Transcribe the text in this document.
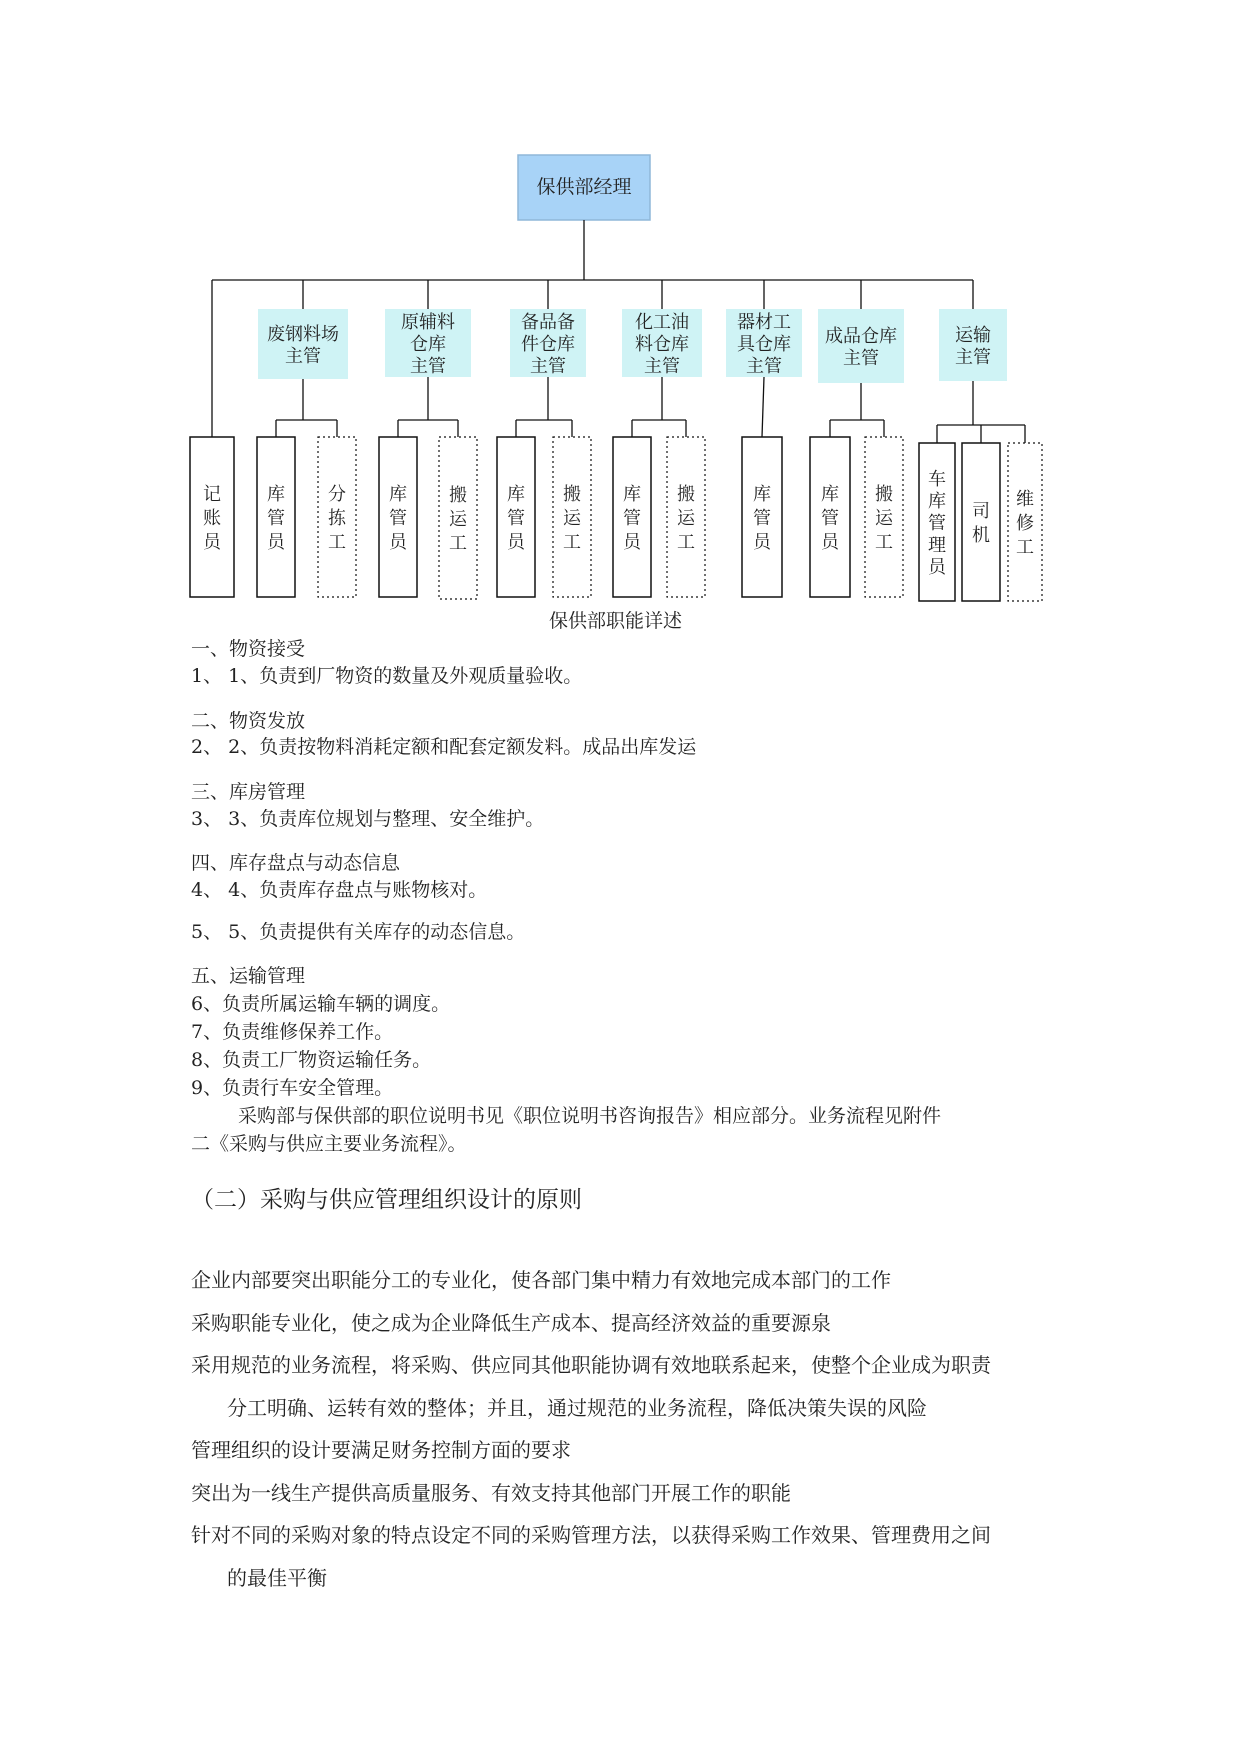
保供部经理
废钢料场
主管
原辅料
仓库
主管
备品备
件仓库
主管
化工油
料仓库
主管
器材工
具仓库
主管
成品仓库
主管
运输
主管
记
账
员
库
管
员
分
拣
工
库
管
员
搬
运
工
库
管
员
搬
运
工
库
管
员
搬
运
工
库
管
员
库
管
员
搬
运
工
车
库
管
理
员
司
机
维
修
工
保供部职能详述
一、物资接受
1、 1、负责到厂物资的数量及外观质量验收。
二、物资发放
2、 2、负责按物料消耗定额和配套定额发料。成品出库发运
三、库房管理
3、 3、负责库位规划与整理、安全维护。
四、库存盘点与动态信息
4、 4、负责库存盘点与账物核对。
5、 5、负责提供有关库存的动态信息。
五、运输管理
6、负责所属运输车辆的调度。
7、负责维修保养工作。
8、负责工厂物资运输任务。
9、负责行车安全管理。
采购部与保供部的职位说明书见《职位说明书咨询报告》相应部分。业务流程见附件
二《采购与供应主要业务流程》。
（二）采购与供应管理组织设计的原则
企业内部要突出职能分工的专业化，使各部门集中精力有效地完成本部门的工作
采购职能专业化，使之成为企业降低生产成本、提高经济效益的重要源泉
采用规范的业务流程，将采购、供应同其他职能协调有效地联系起来，使整个企业成为职责
分工明确、运转有效的整体；并且，通过规范的业务流程，降低决策失误的风险
管理组织的设计要满足财务控制方面的要求
突出为一线生产提供高质量服务、有效支持其他部门开展工作的职能
针对不同的采购对象的特点设定不同的采购管理方法，以获得采购工作效果、管理费用之间
的最佳平衡
